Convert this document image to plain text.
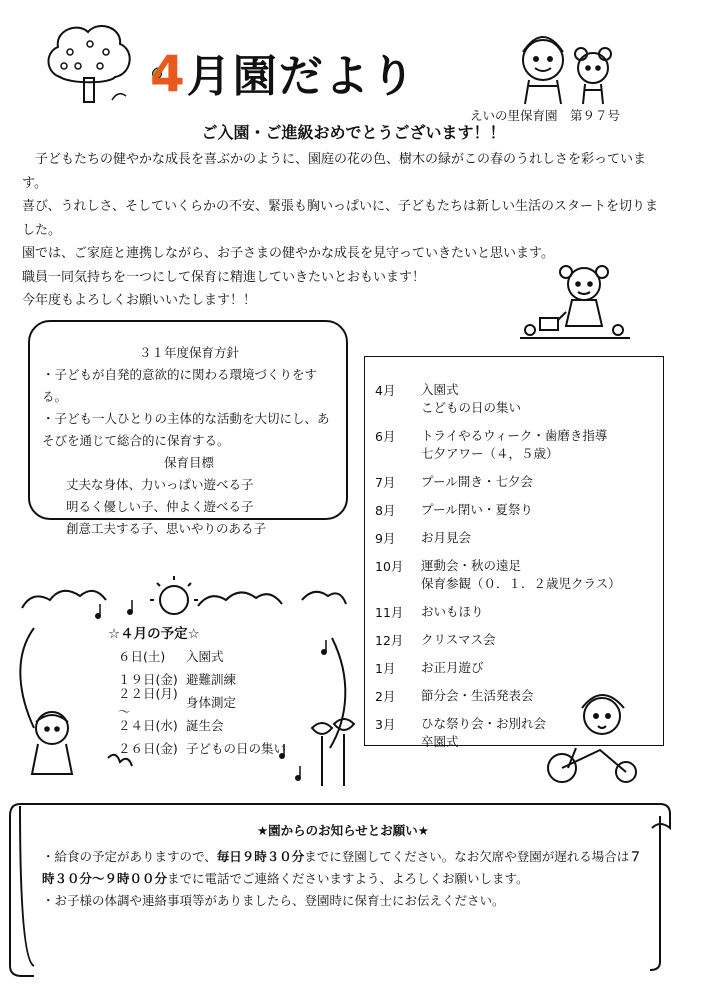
4月園だより
えいの里保育園　第９７号
ご入園・ご進級おめでとうございます！！

子どもたちの健やかな成長を喜ぶかのように、園庭の花の色、樹木の緑がこの春のうれしさを彩っています。

喜び、うれしさ、そしていくらかの不安、緊張も胸いっぱいに、子どもたちは新しい生活のスタートを切りました。

園では、ご家庭と連携しながら、お子さまの健やかな成長を見守っていきたいと思います。

職員一同気持ちを一つにして保育に精進していきたいとおもいます！

今年度もよろしくお願いいたします！！

３１年度保育方針
・子どもが自発的意欲的に関わる環境づくりをする。
・子ども一人ひとりの主体的な活動を大切にし、あそびを通じて総合的に保育する。
保育目標
丈夫な身体、力いっぱい遊べる子
明るく優しい子、仲よく遊べる子
創意工夫する子、思いやりのある子
4月	入園式
こどもの日の集い
6月	トライやるウィーク・歯磨き指導
七夕アワー（４，５歳）
7月	プール開き・七夕会
8月	プール閉い・夏祭り
9月	お月見会
10月	運動会・秋の遠足
保育参観（０．１．２歳児クラス）
11月	おいもほり
12月	クリスマス会
1月	お正月遊び
2月	節分会・生活発表会
3月	ひな祭り会・お別れ会
卒園式
☆４月の予定☆
６日(土)	入園式
１９日(金) 避難訓練
２２日(月)～
身体測定
２４日(水) 誕生会
２６日(金) 子どもの日の集い
★園からのお知らせとお願い★

・給食の予定がありますので、毎日９時３０分までに登園してください。なお欠席や登園が遅れる場合は７時３０分～９時００分までに電話でご連絡くださいますよう、よろしくお願いします。

・お子様の体調や連絡事項等がありましたら、登園時に保育士にお伝えください。
